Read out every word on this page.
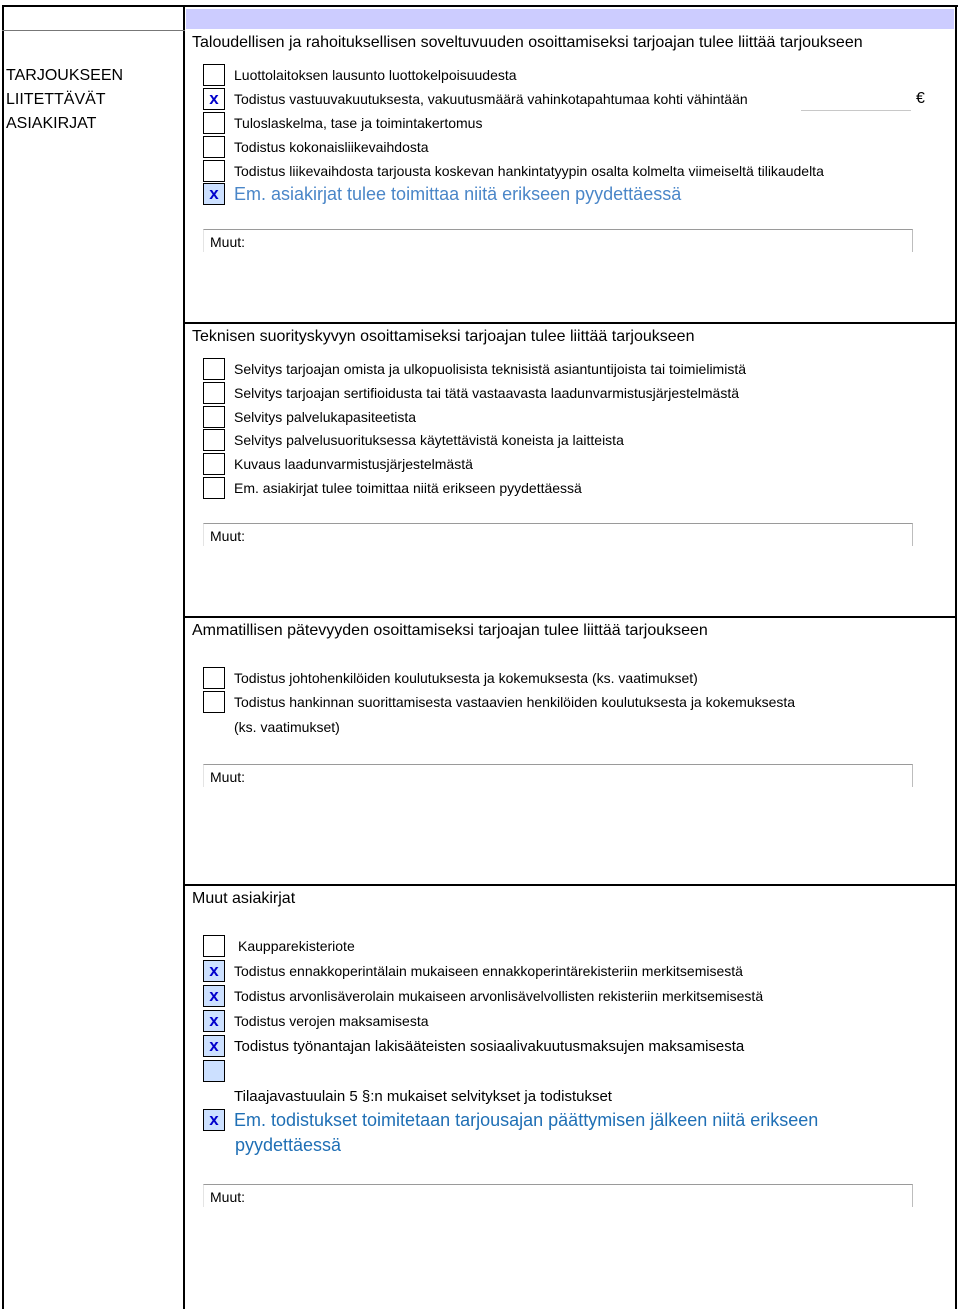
TARJOUKSEEN
LIITETTÄVÄT
ASIAKIRJAT
Taloudellisen ja rahoituksellisen soveltuvuuden osoittamiseksi tarjoajan tulee liittää tarjoukseen
Luottolaitoksen lausunto luottokelpoisuudesta
x	Todistus vastuuvakuutuksesta, vakuutusmäärä vahinkotapahtumaa kohti vähintään	€
Tuloslaskelma, tase ja toimintakertomus
Todistus kokonaisliikevaihdosta
Todistus liikevaihdosta tarjousta koskevan hankintatyypin osalta kolmelta viimeiseltä tilikaudelta
x Em. asiakirjat tulee toimittaa niitä erikseen pyydettäessä
Muut:
Teknisen suorityskyvyn osoittamiseksi tarjoajan tulee liittää tarjoukseen
Selvitys tarjoajan omista ja ulkopuolisista teknisistä asiantuntijoista tai toimielimistä
Selvitys tarjoajan sertifioidusta tai tätä vastaavasta laadunvarmistusjärjestelmästä
Selvitys palvelukapasiteetista
Selvitys palvelusuorituksessa käytettävistä koneista ja laitteista
Kuvaus laadunvarmistusjärjestelmästä
Em. asiakirjat tulee toimittaa niitä erikseen pyydettäessä
Muut:
Ammatillisen pätevyyden osoittamiseksi tarjoajan tulee liittää tarjoukseen
Todistus johtohenkilöiden koulutuksesta ja kokemuksesta (ks. vaatimukset)
Todistus hankinnan suorittamisesta vastaavien henkilöiden koulutuksesta ja kokemuksesta
(ks. vaatimukset)
Muut:
Muut asiakirjat
Kaupparekisteriote
x	Todistus ennakkoperintälain mukaiseen ennakkoperintärekisteriin merkitsemisestä
x	Todistus arvonlisäverolain mukaiseen arvonlisävelvollisten rekisteriin merkitsemisestä
x	Todistus verojen maksamisesta
x	Todistus työnantajan lakisääteisten sosiaalivakuutusmaksujen maksamisesta
Tilaajavastuulain 5 §:n mukaiset selvitykset ja todistukset
x Em. todistukset toimitetaan tarjousajan päättymisen jälkeen niitä erikseen
pyydettäessä
Muut:
